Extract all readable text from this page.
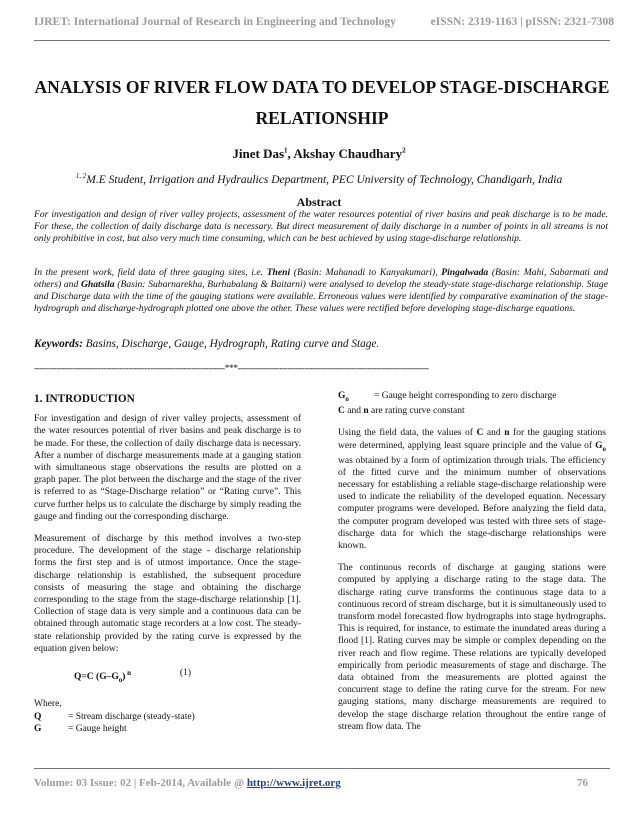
IJRET: International Journal of Research in Engineering and Technology	eISSN: 2319-1163 | pISSN: 2321-7308
ANALYSIS OF RIVER FLOW DATA TO DEVELOP STAGE-DISCHARGE
RELATIONSHIP
Jinet Das$^1$, Akshay Chaudhary$^2$
$^{1, 2}$M.E Student, Irrigation and Hydraulics Department, PEC University of Technology, Chandigarh, India
Abstract
For investigation and design of river valley projects, assessment of the water resources potential of river basins and peak discharge is to be made. For these, the collection of daily discharge data is necessary. But direct measurement of daily discharge in a number of points in all streams is not only prohibitive in cost, but also very much time consuming, which can be best achieved by using stage-discharge relationship.
In the present work, field data of three gauging sites, i.e. Theni (Basin: Mahanadi to Kanyakumari), Pingalwada (Basin: Mahi, Sabarmati and others) and Ghatsila (Basin: Subarnarekha, Burhabalang & Baitarni) were analysed to develop the steady-state stage-discharge relationship. Stage and Discharge data with the time of the gauging stations were available. Erroneous values were identified by comparative examination of the stage-hydrograph and discharge-hydrograph plotted one above the other. These values were rectified before developing stage-discharge equations.
Keywords: Basins, Discharge, Gauge, Hydrograph, Rating curve and Stage.
---------------------------------------------------------------------***---------------------------------------------------------------------
1. INTRODUCTION

For investigation and design of river valley projects, assessment of the water resources potential of river basins and peak discharge is to be made. For these, the collection of daily discharge data is necessary. After a number of discharge measurements made at a gauging station with simultaneous stage observations the results are plotted on a graph paper. The plot between the discharge and the stage of the river is referred to as “Stage-Discharge relation” or “Rating curve”. This curve further helps us to calculate the discharge by simply reading the gauge and finding out the corresponding discharge.

Measurement of discharge by this method involves a two-step procedure. The development of the stage - discharge relationship forms the first step and is of utmost importance. Once the stage-discharge relationship is established, the subsequent procedure consists of measuring the stage and obtaining the discharge corresponding to the stage from the stage-discharge relationship [1]. Collection of stage data is very simple and a continuous data can be obtained through automatic stage recorders at a low cost. The steady-state relationship provided by the rating curve is expressed by the equation given below:

Q=C $(G-G_o)$ $^n$	(1)
Where,
Q	= Stream discharge (steady-state)
G	= Gauge height
$G_o$	= Gauge height corresponding to zero discharge
C and n are rating curve constant

Using the field data, the values of C and n for the gauging stations were determined, applying least square principle and the value of $G_o$ was obtained by a form of optimization through trials. The efficiency of the fitted curve and the minimum number of observations necessary for establishing a reliable stage-discharge relationship were used to indicate the reliability of the developed equation. Necessary computer programs were developed. Before analyzing the field data, the computer program developed was tested with three sets of stage-discharge data for which the stage-discharge relationships were known.

The continuous records of discharge at gauging stations were computed by applying a discharge rating to the stage data. The discharge rating curve transforms the continuous stage data to a continuous record of stream discharge, but it is simultaneously used to transform model forecasted flow hydrographs into stage hydrographs. This is required, for instance, to estimate the inundated areas during a flood [1]. Rating curves may be simple or complex depending on the river reach and flow regime. These relations are typically developed empirically from periodic measurements of stage and discharge. The data obtained from the measurements are plotted against the concurrent stage to define the rating curve for the stream. For new gauging stations, many discharge measurements are required to develop the stage discharge relation throughout the entire range of stream flow data. The

Volume: 03 Issue: 02 | Feb-2014, Available @ http://www.ijret.org	76
